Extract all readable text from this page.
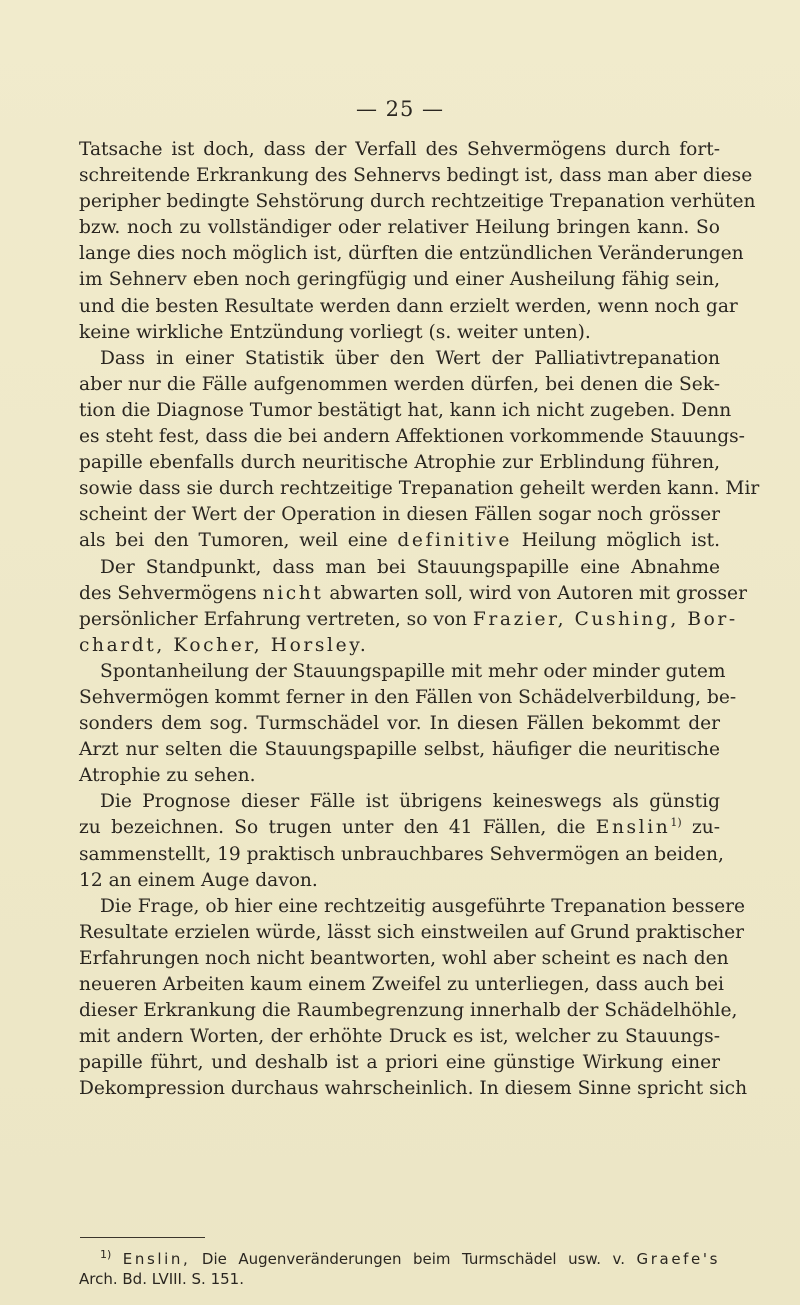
— 25 —
Tatsache ist doch, dass der Verfall des Sehvermögens durch fort-
schreitende Erkrankung des Sehnervs bedingt ist, dass man aber diese
peripher bedingte Sehstörung durch rechtzeitige Trepanation verhüten
bzw. noch zu vollständiger oder relativer Heilung bringen kann. So
lange dies noch möglich ist, dürften die entzündlichen Veränderungen
im Sehnerv eben noch geringfügig und einer Ausheilung fähig sein,
und die besten Resultate werden dann erzielt werden, wenn noch gar
keine wirkliche Entzündung vorliegt (s. weiter unten).
Dass in einer Statistik über den Wert der Palliativtrepanation
aber nur die Fälle aufgenommen werden dürfen, bei denen die Sek-
tion die Diagnose Tumor bestätigt hat, kann ich nicht zugeben. Denn
es steht fest, dass die bei andern Affektionen vorkommende Stauungs-
papille ebenfalls durch neuritische Atrophie zur Erblindung führen,
sowie dass sie durch rechtzeitige Trepanation geheilt werden kann. Mir
scheint der Wert der Operation in diesen Fällen sogar noch grösser
als bei den Tumoren, weil eine definitive Heilung möglich ist.
Der Standpunkt, dass man bei Stauungspapille eine Abnahme
des Sehvermögens nicht abwarten soll, wird von Autoren mit grosser
persönlicher Erfahrung vertreten, so von Frazier, Cushing, Bor-
chardt, Kocher, Horsley.
Spontanheilung der Stauungspapille mit mehr oder minder gutem
Sehvermögen kommt ferner in den Fällen von Schädelverbildung, be-
sonders dem sog. Turmschädel vor. In diesen Fällen bekommt der
Arzt nur selten die Stauungspapille selbst, häufiger die neuritische
Atrophie zu sehen.
Die Prognose dieser Fälle ist übrigens keineswegs als günstig
zu bezeichnen. So trugen unter den 41 Fällen, die Enslin$^{1)}$ zu-
sammenstellt, 19 praktisch unbrauchbares Sehvermögen an beiden,
12 an einem Auge davon.
Die Frage, ob hier eine rechtzeitig ausgeführte Trepanation bessere
Resultate erzielen würde, lässt sich einstweilen auf Grund praktischer
Erfahrungen noch nicht beantworten, wohl aber scheint es nach den
neueren Arbeiten kaum einem Zweifel zu unterliegen, dass auch bei
dieser Erkrankung die Raumbegrenzung innerhalb der Schädelhöhle,
mit andern Worten, der erhöhte Druck es ist, welcher zu Stauungs-
papille führt, und deshalb ist a priori eine günstige Wirkung einer
Dekompression durchaus wahrscheinlich. In diesem Sinne spricht sich
$^{1)}$ Enslin, Die Augenveränderungen beim Turmschädel usw. v. Graefe's
Arch. Bd. LVIII. S. 151.
